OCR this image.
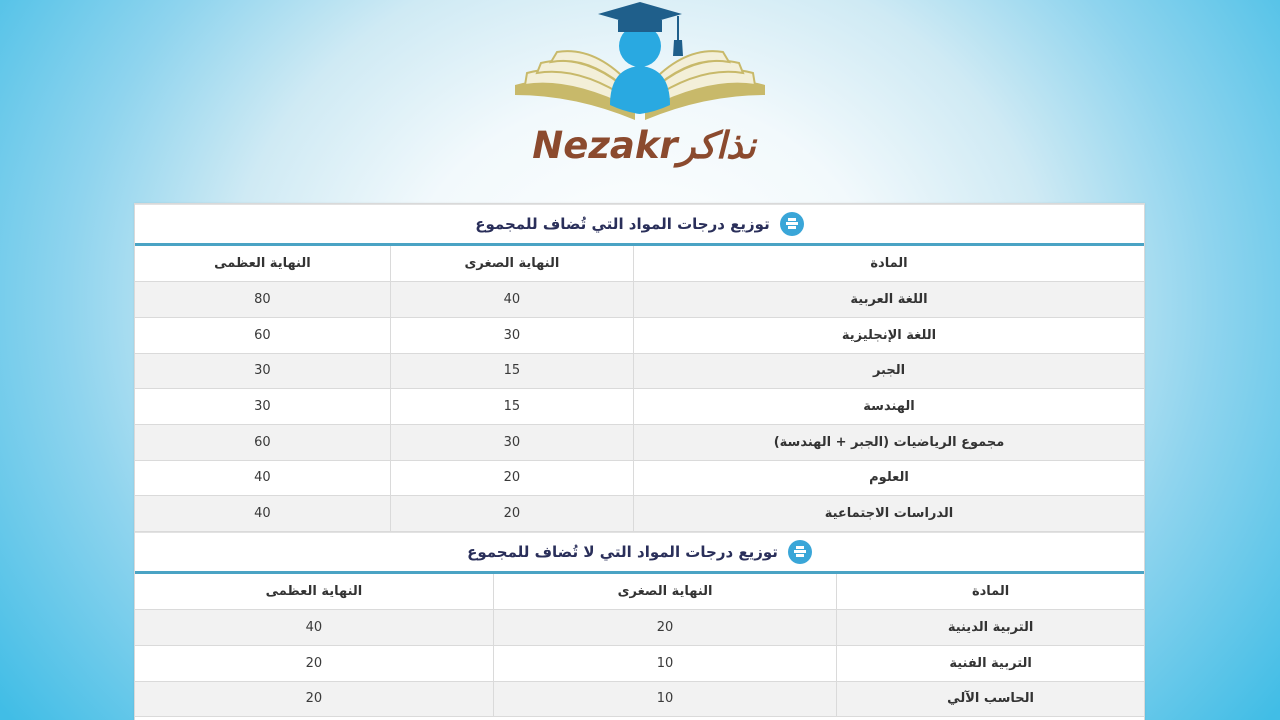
Nezakrنذاكر
توزيع درجات المواد التي تُضاف للمجموع
المادة	النهاية الصغرى	النهاية العظمى
اللغة العربية	40	80
اللغة الإنجليزية	30	60
الجبر	15	30
الهندسة	15	30
مجموع الرياضيات (الجبر + الهندسة)	30	60
العلوم	20	40
الدراسات الاجتماعية	20	40
توزيع درجات المواد التي لا تُضاف للمجموع
المادة	النهاية الصغرى	النهاية العظمى
التربية الدينية	20	40
التربية الفنية	10	20
الحاسب الآلي	10	20
